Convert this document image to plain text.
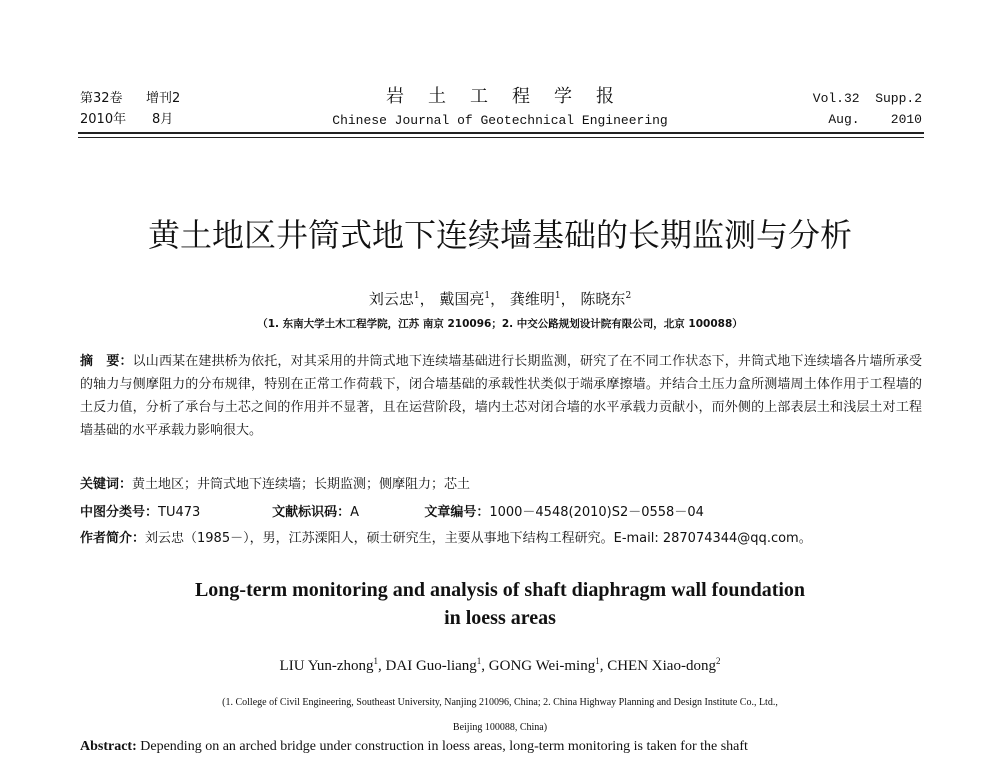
第32卷 增刊2
2010年 8月
岩土工程学报
Chinese Journal of Geotechnical Engineering
Vol.32 Supp.2
Aug. 2010
黄土地区井筒式地下连续墙基础的长期监测与分析
刘云忠$^1$， 戴国亮$^1$， 龚维明$^1$， 陈晓东$^2$
（1. 东南大学土木工程学院，江苏 南京 210096；2. 中交公路规划设计院有限公司，北京 100088）
摘　要：以山西某在建拱桥为依托，对其采用的井筒式地下连续墙基础进行长期监测，研究了在不同工作状态下，井筒式地下连续墙各片墙所承受的轴力与侧摩阻力的分布规律，特别在正常工作荷载下，闭合墙基础的承载性状类似于端承摩擦墙。并结合土压力盒所测墙周土体作用于工程墙的土反力值，分析了承台与土芯之间的作用并不显著，且在运营阶段，墙内土芯对闭合墙的水平承载力贡献小，而外侧的上部表层土和浅层土对工程墙基础的水平承载力影响很大。
关键词：黄土地区；井筒式地下连续墙；长期监测；侧摩阻力；芯土
中图分类号：TU473	文献标识码：A	文章编号：1000－4548(2010)S2－0558－04
作者简介：刘云忠（1985－），男，江苏溧阳人，硕士研究生，主要从事地下结构工程研究。E-mail: 287074344@qq.com。
Long-term monitoring and analysis of shaft diaphragm wall foundation
in loess areas
LIU Yun-zhong$^1$, DAI Guo-liang$^1$, GONG Wei-ming$^1$, CHEN Xiao-dong$^2$
(1. College of Civil Engineering, Southeast University, Nanjing 210096, China; 2. China Highway Planning and Design Institute Co., Ltd.,
Beijing 100088, China)
Abstract: Depending on an arched bridge under construction in loess areas, long-term monitoring is taken for the shaft
